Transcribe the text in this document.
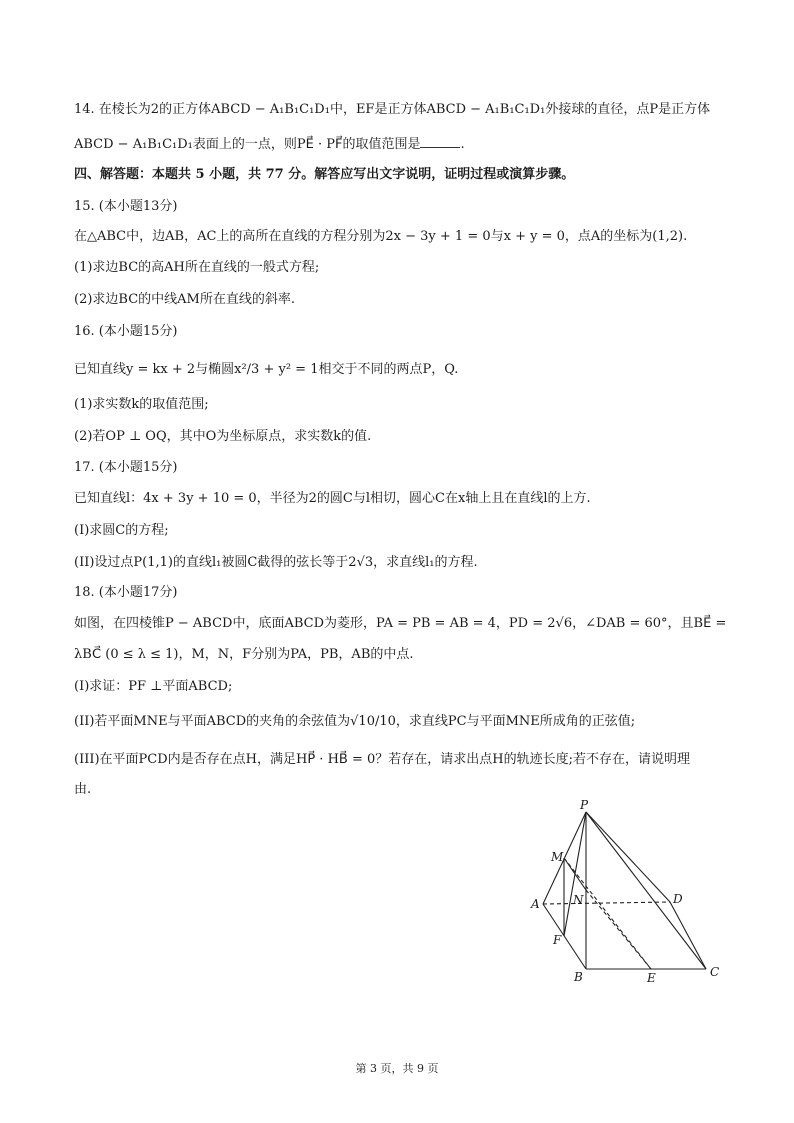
14. 在棱长为2的正方体ABCD − A₁B₁C₁D₁中，EF是正方体ABCD − A₁B₁C₁D₁外接球的直径，点P是正方体
ABCD − A₁B₁C₁D₁表面上的一点，则PE⃗ · PF⃗的取值范围是	.
四、解答题：本题共 5 小题，共 77 分。解答应写出文字说明，证明过程或演算步骤。
15. (本小题13分)
在△ABC中，边AB，AC上的高所在直线的方程分别为2x − 3y + 1 = 0与x + y = 0，点A的坐标为(1,2).
(1)求边BC的高AH所在直线的一般式方程;
(2)求边BC的中线AM所在直线的斜率.
16. (本小题15分)
已知直线y = kx + 2与椭圆x²/3 + y² = 1相交于不同的两点P，Q.
(1)求实数k的取值范围;
(2)若OP ⊥ OQ，其中O为坐标原点，求实数k的值.
17. (本小题15分)
已知直线l：4x + 3y + 10 = 0，半径为2的圆C与l相切，圆心C在x轴上且在直线l的上方.
(I)求圆C的方程;
(II)设过点P(1,1)的直线l₁被圆C截得的弦长等于2√3，求直线l₁的方程.
18. (本小题17分)
如图，在四棱锥P − ABCD中，底面ABCD为菱形，PA = PB = AB = 4，PD = 2√6，∠DAB = 60°，且BE⃗ =
λBC⃗ (0 ≤ λ ≤ 1)，M，N，F分别为PA，PB，AB的中点.
(I)求证：PF ⊥平面ABCD;
(II)若平面MNE与平面ABCD的夹角的余弦值为√10/10，求直线PC与平面MNE所成角的正弦值;
(III)在平面PCD内是否存在点H，满足HP⃗ · HB⃗ = 0？若存在，请求出点H的轨迹长度;若不存在，请说明理
由.
P
M
A	N	D
F
B	E	C
第 3 页，共 9 页
